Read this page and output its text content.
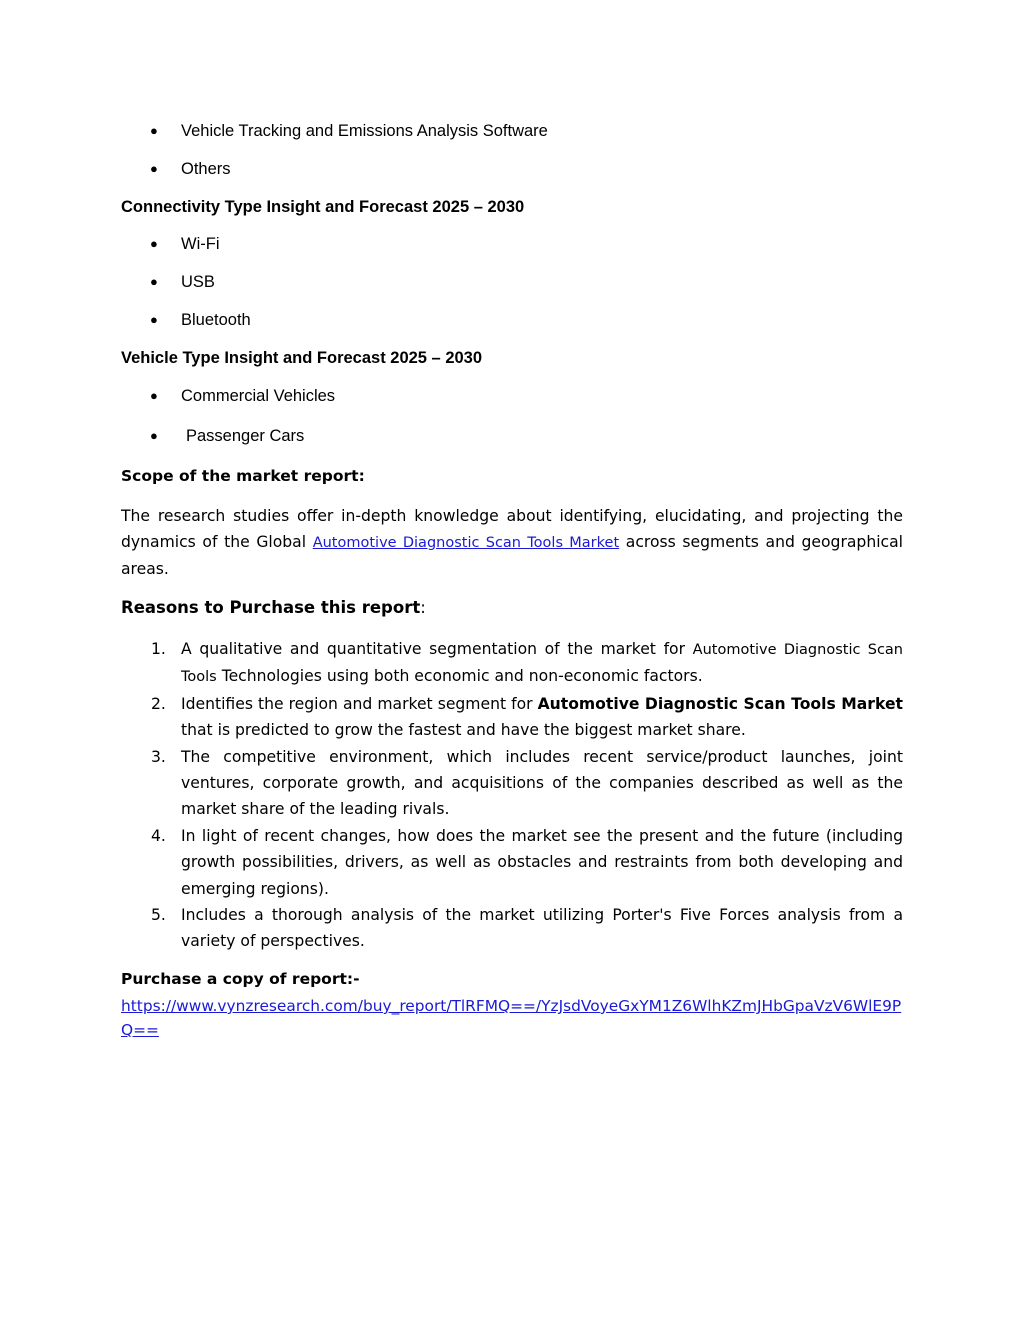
●	Vehicle Tracking and Emissions Analysis Software
●	Others
Connectivity Type Insight and Forecast 2025 – 2030
●	Wi-Fi
●	USB
●	Bluetooth
Vehicle Type Insight and Forecast 2025 – 2030
●	Commercial Vehicles
●	Passenger Cars
Scope of the market report:

The research studies offer in-depth knowledge about identifying, elucidating, and projecting the dynamics of the Global Automotive Diagnostic Scan Tools Market across segments and geographical areas.

Reasons to Purchase this report:
1. A qualitative and quantitative segmentation of the market for Automotive Diagnostic Scan Tools Technologies using both economic and non-economic factors.
2. Identifies the region and market segment for Automotive Diagnostic Scan Tools Market that is predicted to grow the fastest and have the biggest market share.
3. The competitive environment, which includes recent service/product launches, joint ventures, corporate growth, and acquisitions of the companies described as well as the market share of the leading rivals.
4. In light of recent changes, how does the market see the present and the future (including growth possibilities, drivers, as well as obstacles and restraints from both developing and emerging regions).
5. Includes a thorough analysis of the market utilizing Porter's Five Forces analysis from a variety of perspectives.
Purchase a copy of report:-
https://www.vynzresearch.com/buy_report/TlRFMQ==/YzJsdVoyeGxYM1Z6WlhKZmJHbGpaVzV6WlE9PQ==
